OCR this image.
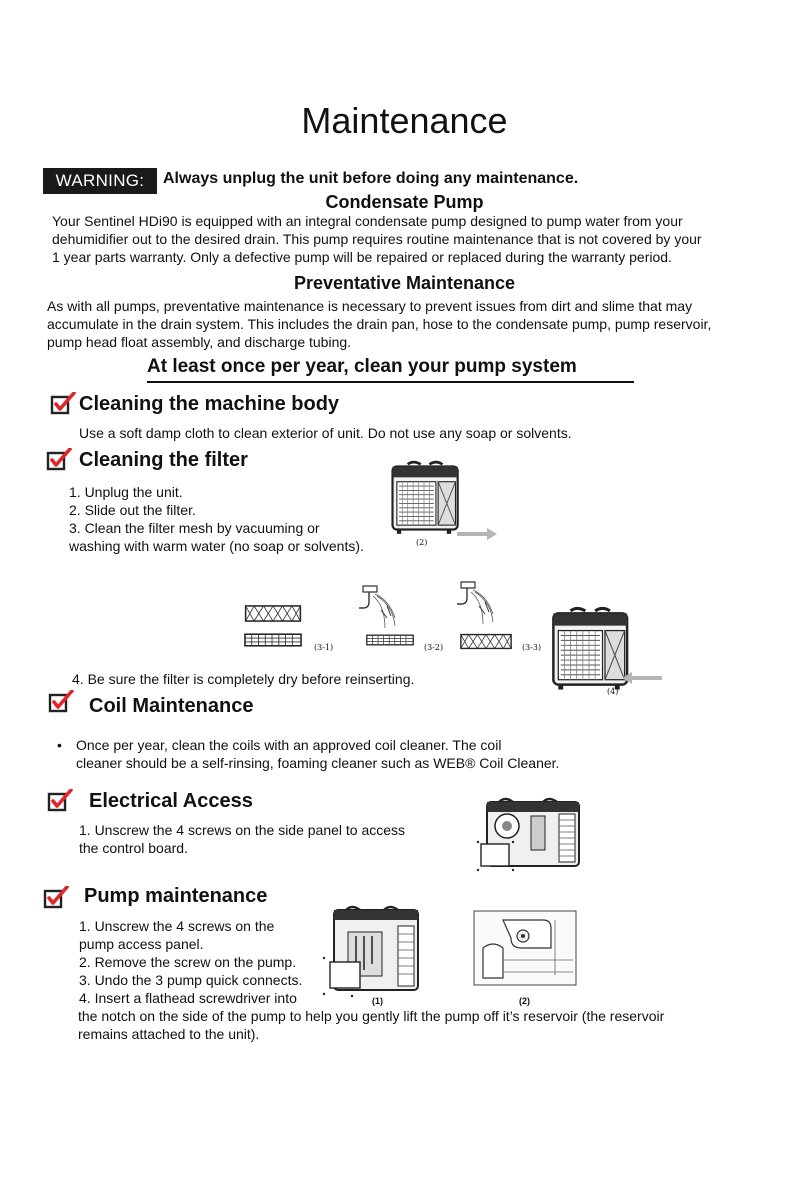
Maintenance
WARNING:	Always unplug the unit before doing any maintenance.
Condensate Pump
Your Sentinel HDi90 is equipped with an integral condensate pump designed to pump water from your
dehumidifier out to the desired drain. This pump requires routine maintenance that is not covered by your
1 year parts warranty. Only a defective pump will be repaired or replaced during the warranty period.
Preventative Maintenance
As with all pumps, preventative maintenance is necessary to prevent issues from dirt and slime that may
accumulate in the drain system. This includes the drain pan, hose to the condensate pump, pump reservoir,
pump head float assembly, and discharge tubing.
At least once per year, clean your pump system
Cleaning the machine body
Use a soft damp cloth to clean exterior of unit. Do not use any soap or solvents.
Cleaning the filter
1. Unplug the unit.
2. Slide out the filter.
3. Clean the filter mesh by vacuuming or
washing with warm water (no soap or solvents).	(2)
(3-1)	(3-2)	(3-3)
(4)
4. Be sure the filter is completely dry before reinserting.
Coil Maintenance
• Once per year, clean the coils with an approved coil cleaner. The coil
cleaner should be a self-rinsing, foaming cleaner such as WEB® Coil Cleaner.
Electrical Access
1. Unscrew the 4 screws on the side panel to access
the control board.
Pump maintenance
1. Unscrew the 4 screws on the
pump access panel.
2. Remove the screw on the pump.
3. Undo the 3 pump quick connects.
4. Insert a flathead screwdriver into
the notch on the side of the pump to help you gently lift the pump off it’s reservoir (the reservoir
remains attached to the unit).
(1)	(2)
